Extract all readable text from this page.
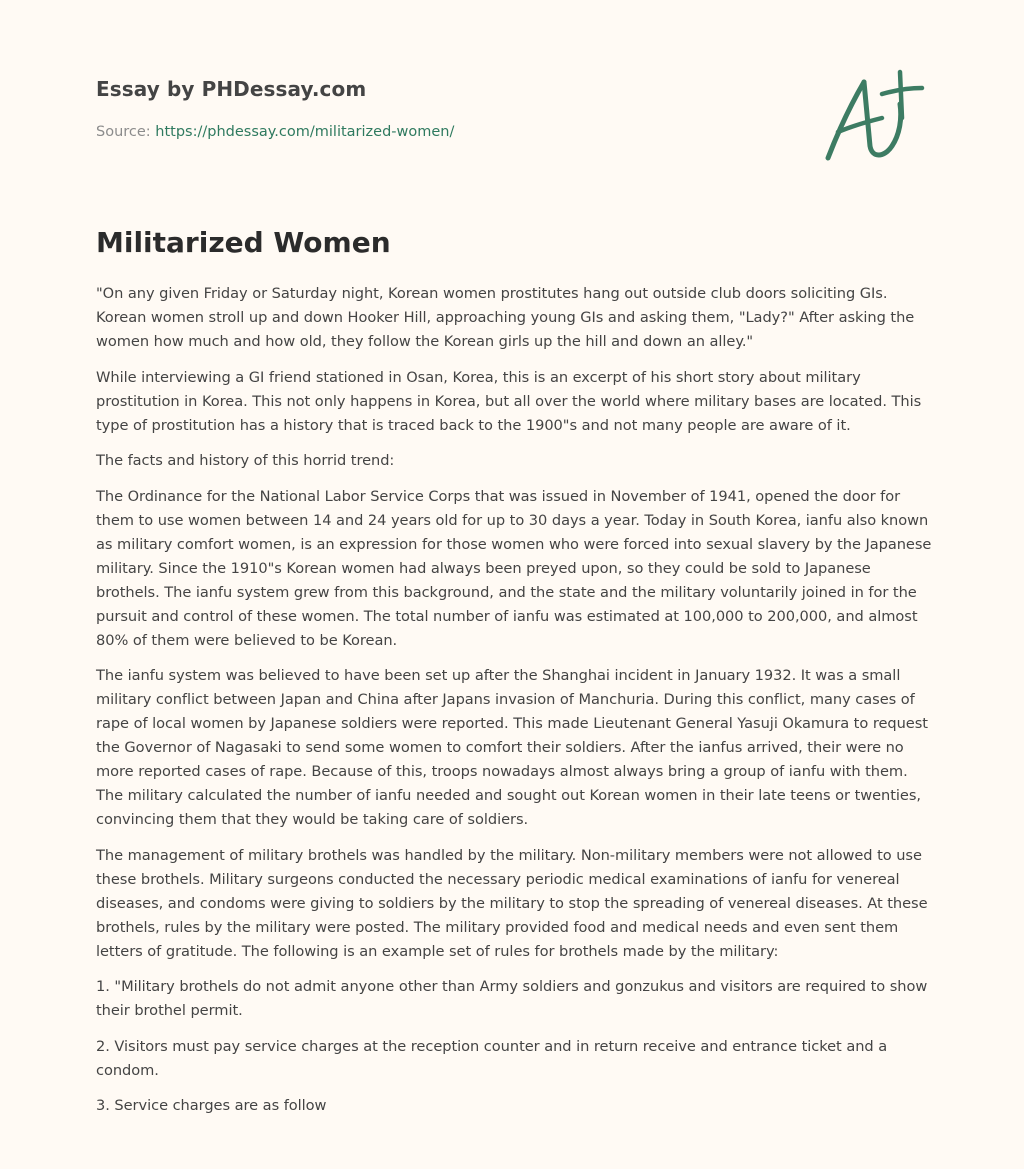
Essay by PHDessay.com
Source: https://phdessay.com/militarized-women/
Militarized Women

"On any given Friday or Saturday night, Korean women prostitutes hang out outside club doors soliciting GIs. Korean women stroll up and down Hooker Hill, approaching young GIs and asking them, "Lady?" After asking the women how much and how old, they follow the Korean girls up the hill and down an alley."

While interviewing a GI friend stationed in Osan, Korea, this is an excerpt of his short story about military prostitution in Korea. This not only happens in Korea, but all over the world where military bases are located. This type of prostitution has a history that is traced back to the 1900"s and not many people are aware of it.

The facts and history of this horrid trend:

The Ordinance for the National Labor Service Corps that was issued in November of 1941, opened the door for them to use women between 14 and 24 years old for up to 30 days a year. Today in South Korea, ianfu also known as military comfort women, is an expression for those women who were forced into sexual slavery by the Japanese military. Since the 1910"s Korean women had always been preyed upon, so they could be sold to Japanese brothels. The ianfu system grew from this background, and the state and the military voluntarily joined in for the pursuit and control of these women. The total number of ianfu was estimated at 100,000 to 200,000, and almost 80% of them were believed to be Korean.

The ianfu system was believed to have been set up after the Shanghai incident in January 1932. It was a small military conflict between Japan and China after Japans invasion of Manchuria. During this conflict, many cases of rape of local women by Japanese soldiers were reported. This made Lieutenant General Yasuji Okamura to request the Governor of Nagasaki to send some women to comfort their soldiers. After the ianfus arrived, their were no more reported cases of rape. Because of this, troops nowadays almost always bring a group of ianfu with them. The military calculated the number of ianfu needed and sought out Korean women in their late teens or twenties, convincing them that they would be taking care of soldiers.

The management of military brothels was handled by the military. Non-military members were not allowed to use these brothels. Military surgeons conducted the necessary periodic medical examinations of ianfu for venereal diseases, and condoms were giving to soldiers by the military to stop the spreading of venereal diseases. At these brothels, rules by the military were posted. The military provided food and medical needs and even sent them letters of gratitude. The following is an example set of rules for brothels made by the military:

1. "Military brothels do not admit anyone other than Army soldiers and gonzukus and visitors are required to show their brothel permit.

2. Visitors must pay service charges at the reception counter and in return receive and entrance ticket and a condom.

3. Service charges are as follow
